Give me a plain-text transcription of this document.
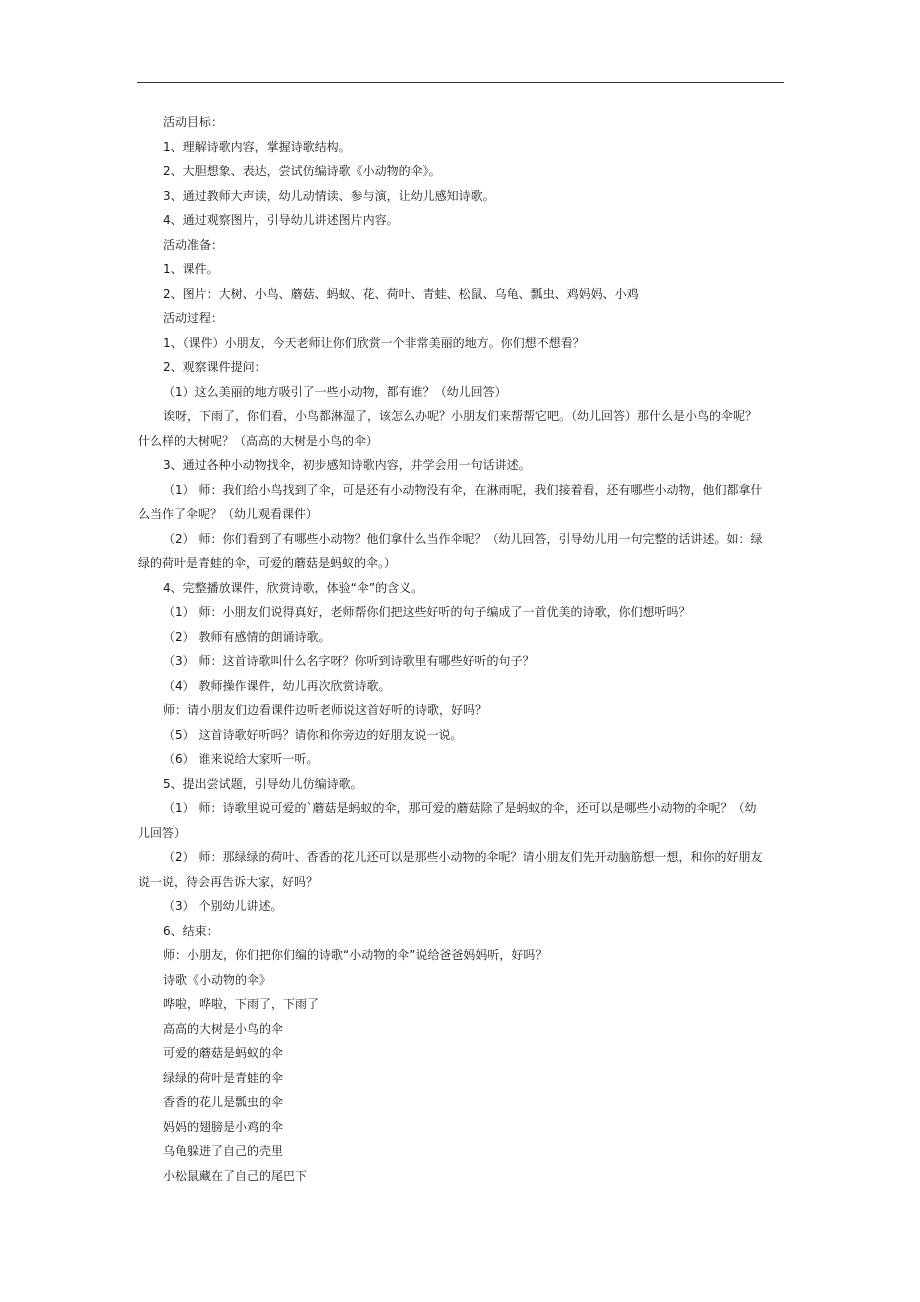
活动目标：
1、理解诗歌内容，掌握诗歌结构。
2、大胆想象、表达，尝试仿编诗歌《小动物的伞》。
3、通过教师大声读，幼儿动情读、参与演，让幼儿感知诗歌。
4、通过观察图片，引导幼儿讲述图片内容。
活动准备：
1、课件。
2、图片：大树、小鸟、蘑菇、蚂蚁、花、荷叶、青蛙、松鼠、乌龟、瓢虫、鸡妈妈、小鸡
活动过程：
1、（课件）小朋友，今天老师让你们欣赏一个非常美丽的地方。你们想不想看？
2、观察课件提问：
（1）这么美丽的地方吸引了一些小动物，都有谁？（幼儿回答）
诶呀，下雨了，你们看，小鸟都淋湿了，该怎么办呢？小朋友们来帮帮它吧。（幼儿回答）那什么是小鸟的伞呢？
什么样的大树呢？（高高的大树是小鸟的伞）
3、通过各种小动物找伞，初步感知诗歌内容，并学会用一句话讲述。
（1） 师：我们给小鸟找到了伞，可是还有小动物没有伞，在淋雨呢，我们接着看，还有哪些小动物，他们都拿什
么当作了伞呢？（幼儿观看课件）
（2） 师：你们看到了有哪些小动物？他们拿什么当作伞呢？（幼儿回答，引导幼儿用一句完整的话讲述。如：绿
绿的荷叶是青蛙的伞，可爱的蘑菇是蚂蚁的伞。）
4、完整播放课件，欣赏诗歌，体验“伞”的含义。
（1） 师：小朋友们说得真好，老师帮你们把这些好听的句子编成了一首优美的诗歌，你们想听吗？
（2） 教师有感情的朗诵诗歌。
（3） 师：这首诗歌叫什么名字呀？你听到诗歌里有哪些好听的句子？
（4） 教师操作课件，幼儿再次欣赏诗歌。
师：请小朋友们边看课件边听老师说这首好听的诗歌，好吗？
（5） 这首诗歌好听吗？请你和你旁边的好朋友说一说。
（6） 谁来说给大家听一听。
5、提出尝试题，引导幼儿仿编诗歌。
（1） 师：诗歌里说可爱的`蘑菇是蚂蚁的伞，那可爱的蘑菇除了是蚂蚁的伞，还可以是哪些小动物的伞呢？（幼
儿回答）
（2） 师：那绿绿的荷叶、香香的花儿还可以是那些小动物的伞呢？请小朋友们先开动脑筋想一想，和你的好朋友
说一说，待会再告诉大家，好吗？
（3） 个别幼儿讲述。
6、结束：
师：小朋友，你们把你们编的诗歌“小动物的伞”说给爸爸妈妈听，好吗？
诗歌《小动物的伞》
哗啦，哗啦，下雨了，下雨了
高高的大树是小鸟的伞
可爱的蘑菇是蚂蚁的伞
绿绿的荷叶是青蛙的伞
香香的花儿是瓢虫的伞
妈妈的翅膀是小鸡的伞
乌龟躲进了自己的壳里
小松鼠藏在了自己的尾巴下
